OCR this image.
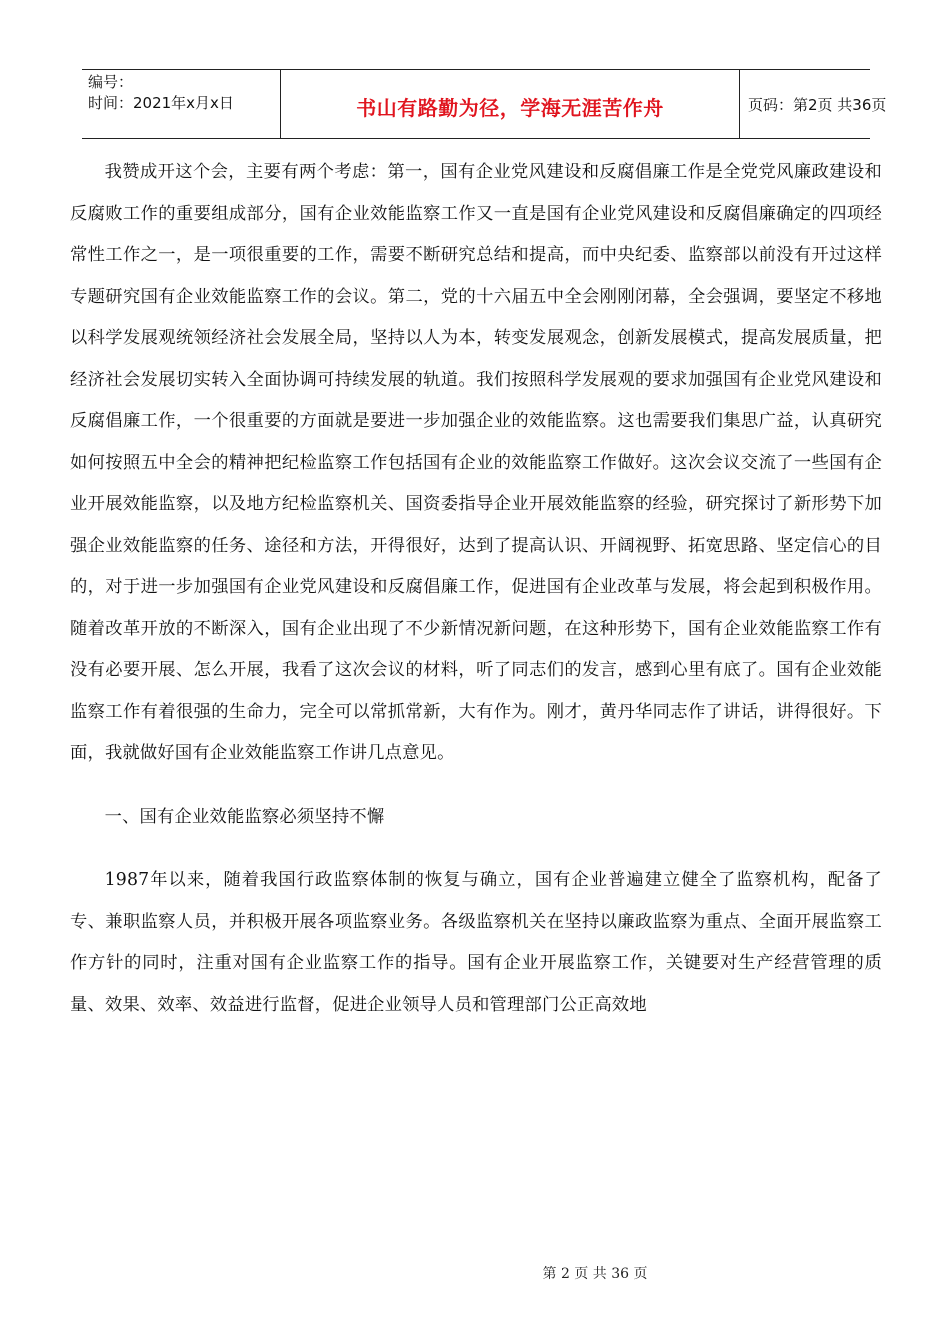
编号：
时间：2021年x月x日	书山有路勤为径，学海无涯苦作舟	页码：第2页 共36页

我赞成开这个会，主要有两个考虑：第一，国有企业党风建设和反腐倡廉工作是全党党风廉政建设和反腐败工作的重要组成部分，国有企业效能监察工作又一直是国有企业党风建设和反腐倡廉确定的四项经常性工作之一，是一项很重要的工作，需要不断研究总结和提高，而中央纪委、监察部以前没有开过这样专题研究国有企业效能监察工作的会议。第二，党的十六届五中全会刚刚闭幕，全会强调，要坚定不移地以科学发展观统领经济社会发展全局，坚持以人为本，转变发展观念，创新发展模式，提高发展质量，把经济社会发展切实转入全面协调可持续发展的轨道。我们按照科学发展观的要求加强国有企业党风建设和反腐倡廉工作，一个很重要的方面就是要进一步加强企业的效能监察。这也需要我们集思广益，认真研究如何按照五中全会的精神把纪检监察工作包括国有企业的效能监察工作做好。这次会议交流了一些国有企业开展效能监察，以及地方纪检监察机关、国资委指导企业开展效能监察的经验，研究探讨了新形势下加强企业效能监察的任务、途径和方法，开得很好，达到了提高认识、开阔视野、拓宽思路、坚定信心的目的，对于进一步加强国有企业党风建设和反腐倡廉工作，促进国有企业改革与发展，将会起到积极作用。随着改革开放的不断深入，国有企业出现了不少新情况新问题，在这种形势下，国有企业效能监察工作有没有必要开展、怎么开展，我看了这次会议的材料，听了同志们的发言，感到心里有底了。国有企业效能监察工作有着很强的生命力，完全可以常抓常新，大有作为。刚才，黄丹华同志作了讲话，讲得很好。下面，我就做好国有企业效能监察工作讲几点意见。

一、国有企业效能监察必须坚持不懈

1987年以来，随着我国行政监察体制的恢复与确立，国有企业普遍建立健全了监察机构，配备了专、兼职监察人员，并积极开展各项监察业务。各级监察机关在坚持以廉政监察为重点、全面开展监察工作方针的同时，注重对国有企业监察工作的指导。国有企业开展监察工作，关键要对生产经营管理的质量、效果、效率、效益进行监督，促进企业领导人员和管理部门公正高效地

第 2 页 共 36 页
